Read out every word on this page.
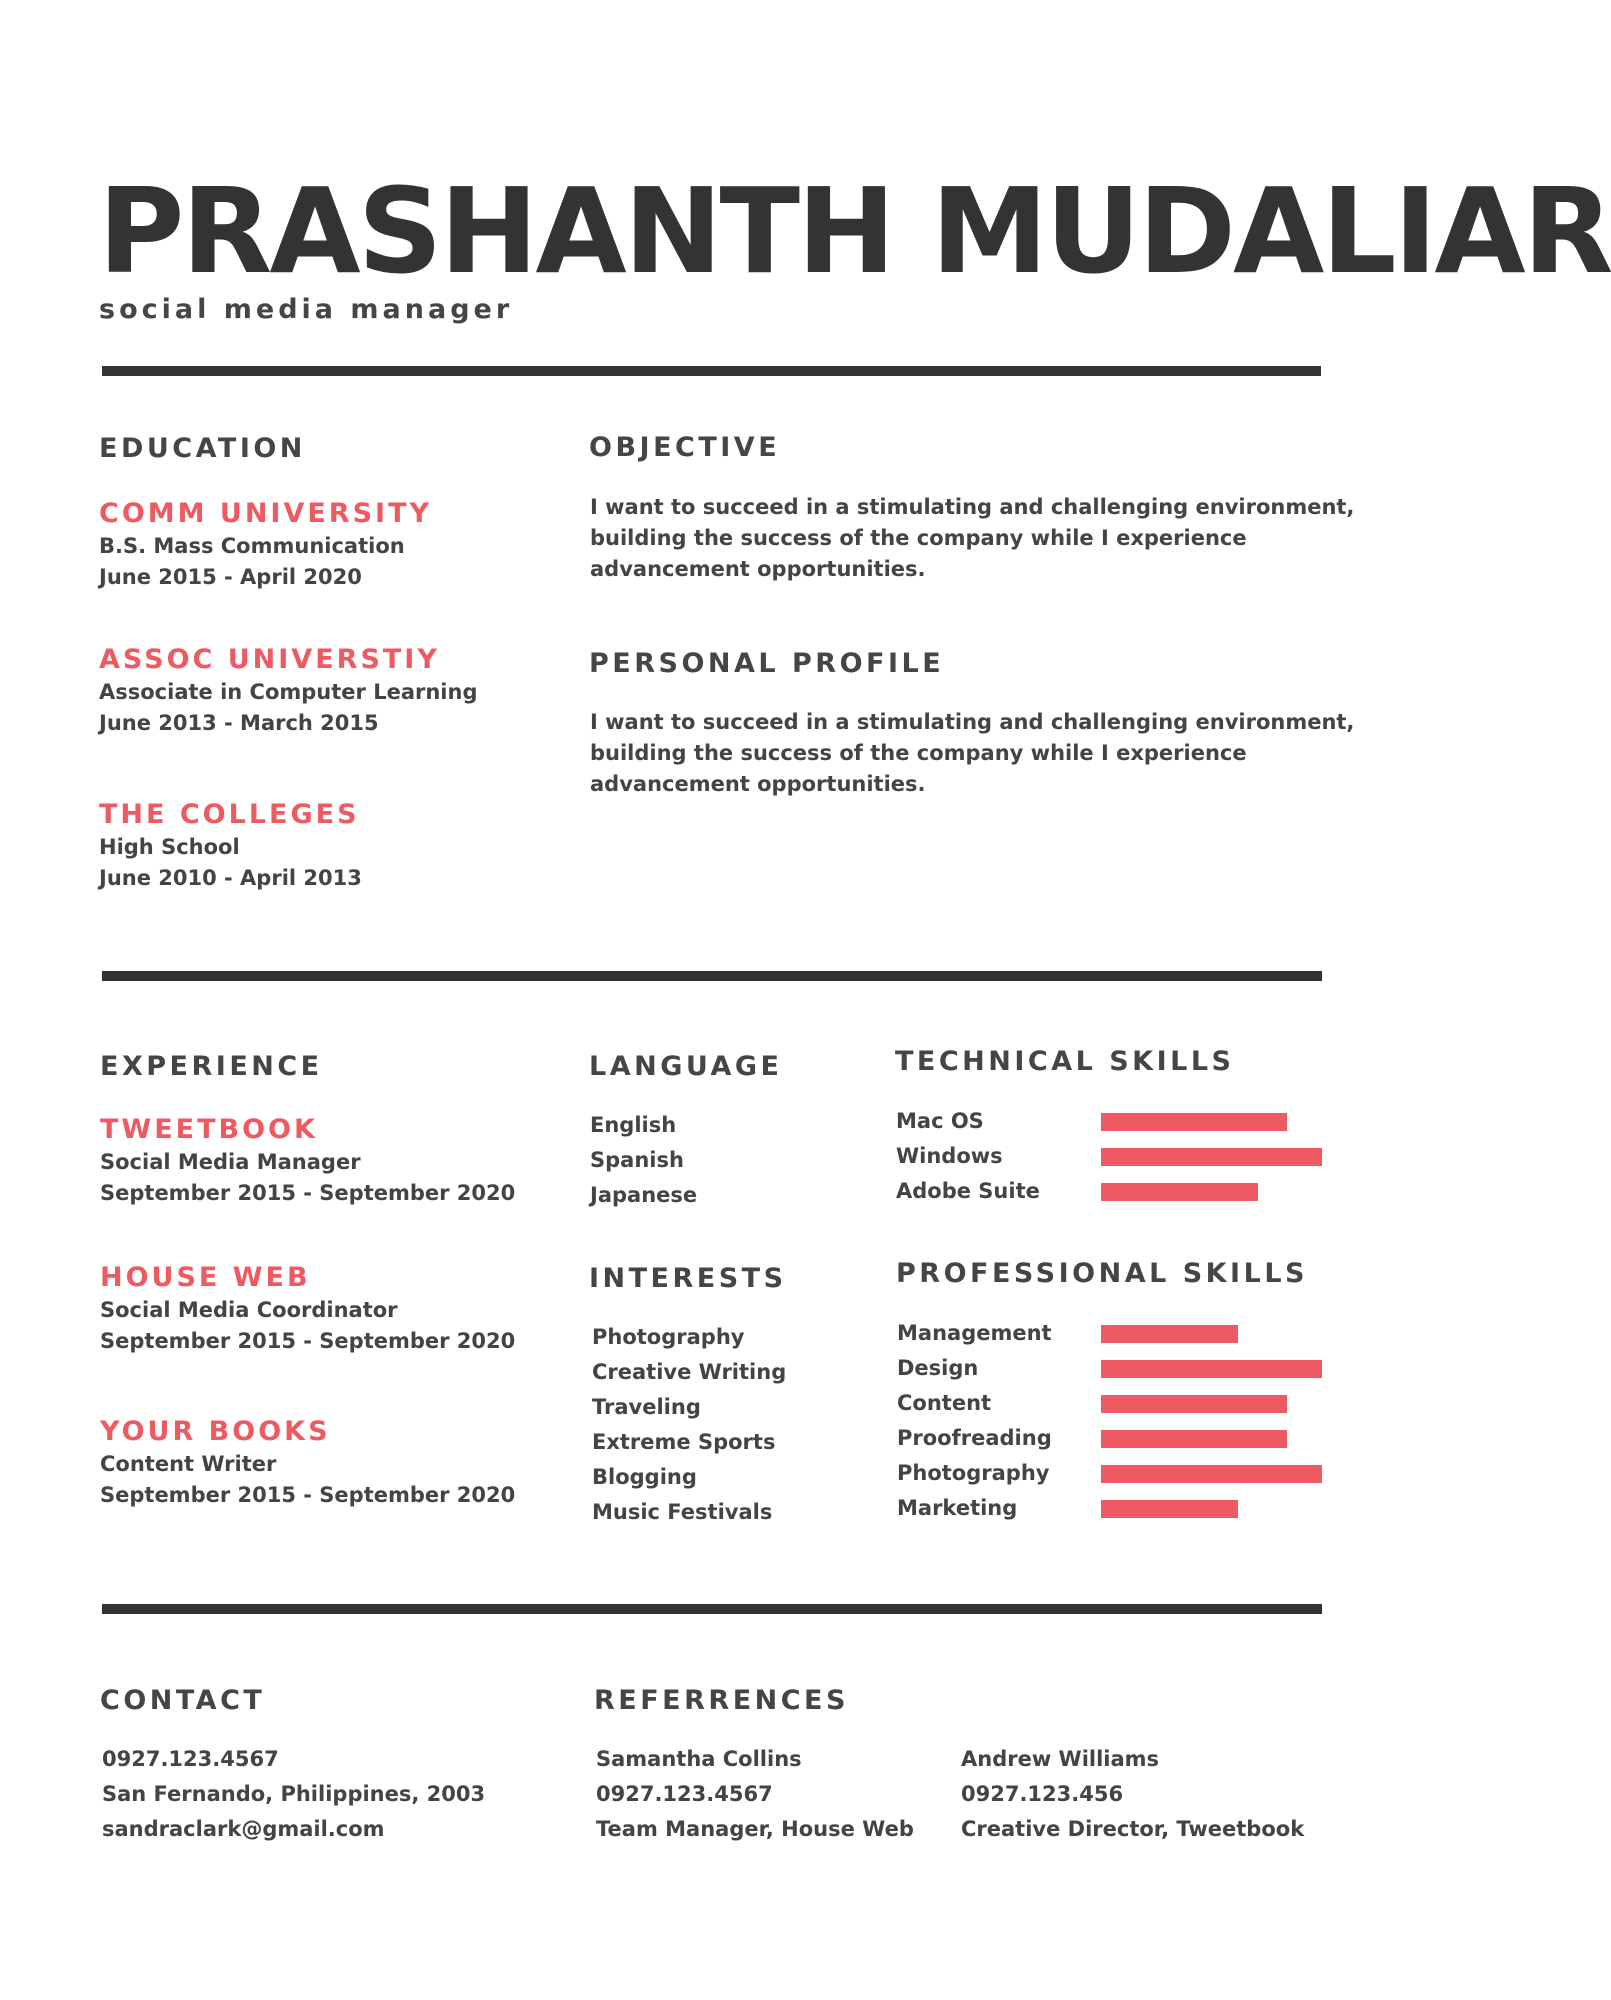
PRASHANTH MUDALIAR

social media manager

EDUCATION
COMM UNIVERSITY

B.S. Mass Communication

June 2015 - April 2020

ASSOC UNIVERSTIY

Associate in Computer Learning

June 2013 - March 2015

THE COLLEGES

High School

June 2010 - April 2013

OBJECTIVE

I want to succeed in a stimulating and challenging environment,

building the success of the company while I experience

advancement opportunities.

PERSONAL PROFILE

I want to succeed in a stimulating and challenging environment,

building the success of the company while I experience

advancement opportunities.

EXPERIENCE
TWEETBOOK

Social Media Manager

September 2015 - September 2020

HOUSE WEB

Social Media Coordinator

September 2015 - September 2020

YOUR BOOKS

Content Writer

September 2015 - September 2020

LANGUAGE

English

Spanish

Japanese

INTERESTS

Photography

Creative Writing

Traveling

Extreme Sports

Blogging

Music Festivals

TECHNICAL SKILLS
Mac OS
Windows
Adobe Suite
PROFESSIONAL SKILLS
Management
Design
Content
Proofreading
Photography
Marketing
CONTACT

0927.123.4567

San Fernando, Philippines, 2003

sandraclark@gmail.com

REFERRENCES

Samantha Collins

0927.123.4567

Team Manager, House Web

Andrew Williams

0927.123.456

Creative Director, Tweetbook
